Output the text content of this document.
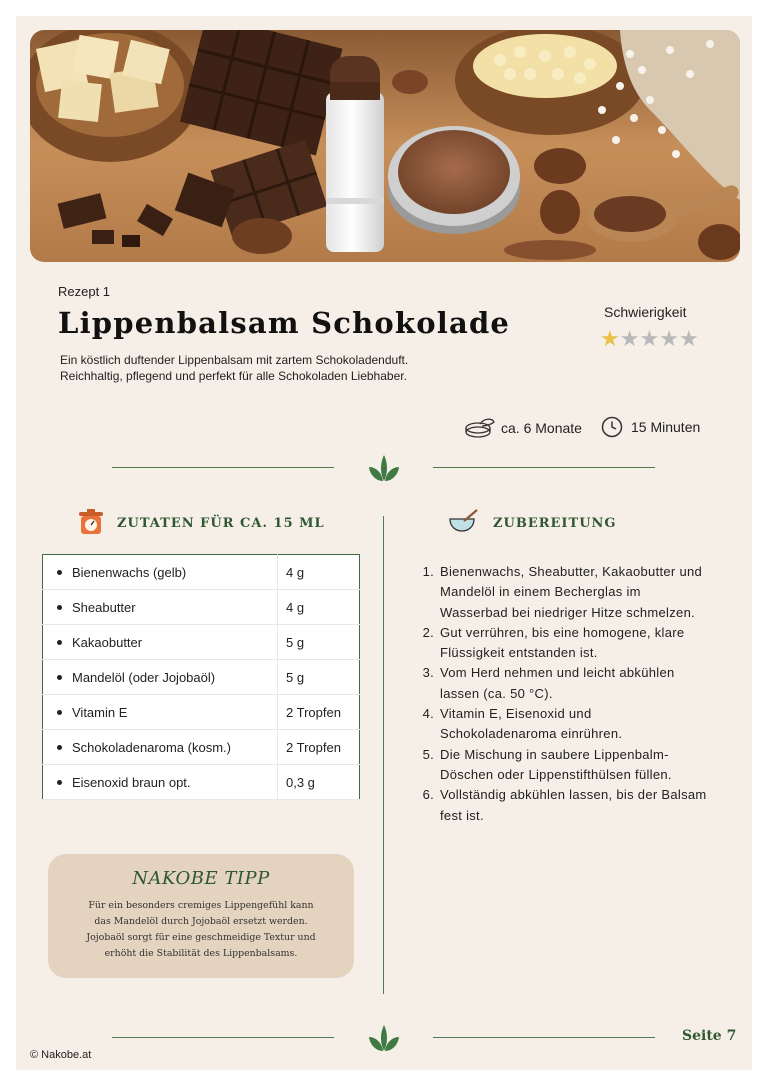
Rezept 1
Lippenbalsam Schokolade
Ein köstlich duftender Lippenbalsam mit zartem Schokoladenduft. Reichhaltig, pflegend und perfekt für alle Schokoladen Liebhaber.
Schwierigkeit
★★★★★
ca. 6 Monate	15 Minuten
ZUTATEN FÜR CA. 15 ML	ZUBEREITUNG
Bienenwachs (gelb)	4 g
Sheabutter	4 g
Kakaobutter	5 g
Mandelöl (oder Jojobaöl)	5 g
Vitamin E	2 Tropfen
Schokoladenaroma (kosm.)	2 Tropfen
Eisenoxid braun opt.	0,3 g
1. Bienenwachs, Sheabutter, Kakaobutter und Mandelöl in einem Becherglas im Wasserbad bei niedriger Hitze schmelzen.
2. Gut verrühren, bis eine homogene, klare Flüssigkeit entstanden ist.
3. Vom Herd nehmen und leicht abkühlen lassen (ca. 50 °C).
4. Vitamin E, Eisenoxid und Schokoladenaroma einrühren.
5. Die Mischung in saubere Lippenbalm-Döschen oder Lippenstifthülsen füllen.
6. Vollständig abkühlen lassen, bis der Balsam fest ist.
NAKOBE TIPP
Für ein besonders cremiges Lippengefühl kann das Mandelöl durch Jojobaöl ersetzt werden. Jojobaöl sorgt für eine geschmeidige Textur und erhöht die Stabilität des Lippenbalsams.
Seite 7
© Nakobe.at
